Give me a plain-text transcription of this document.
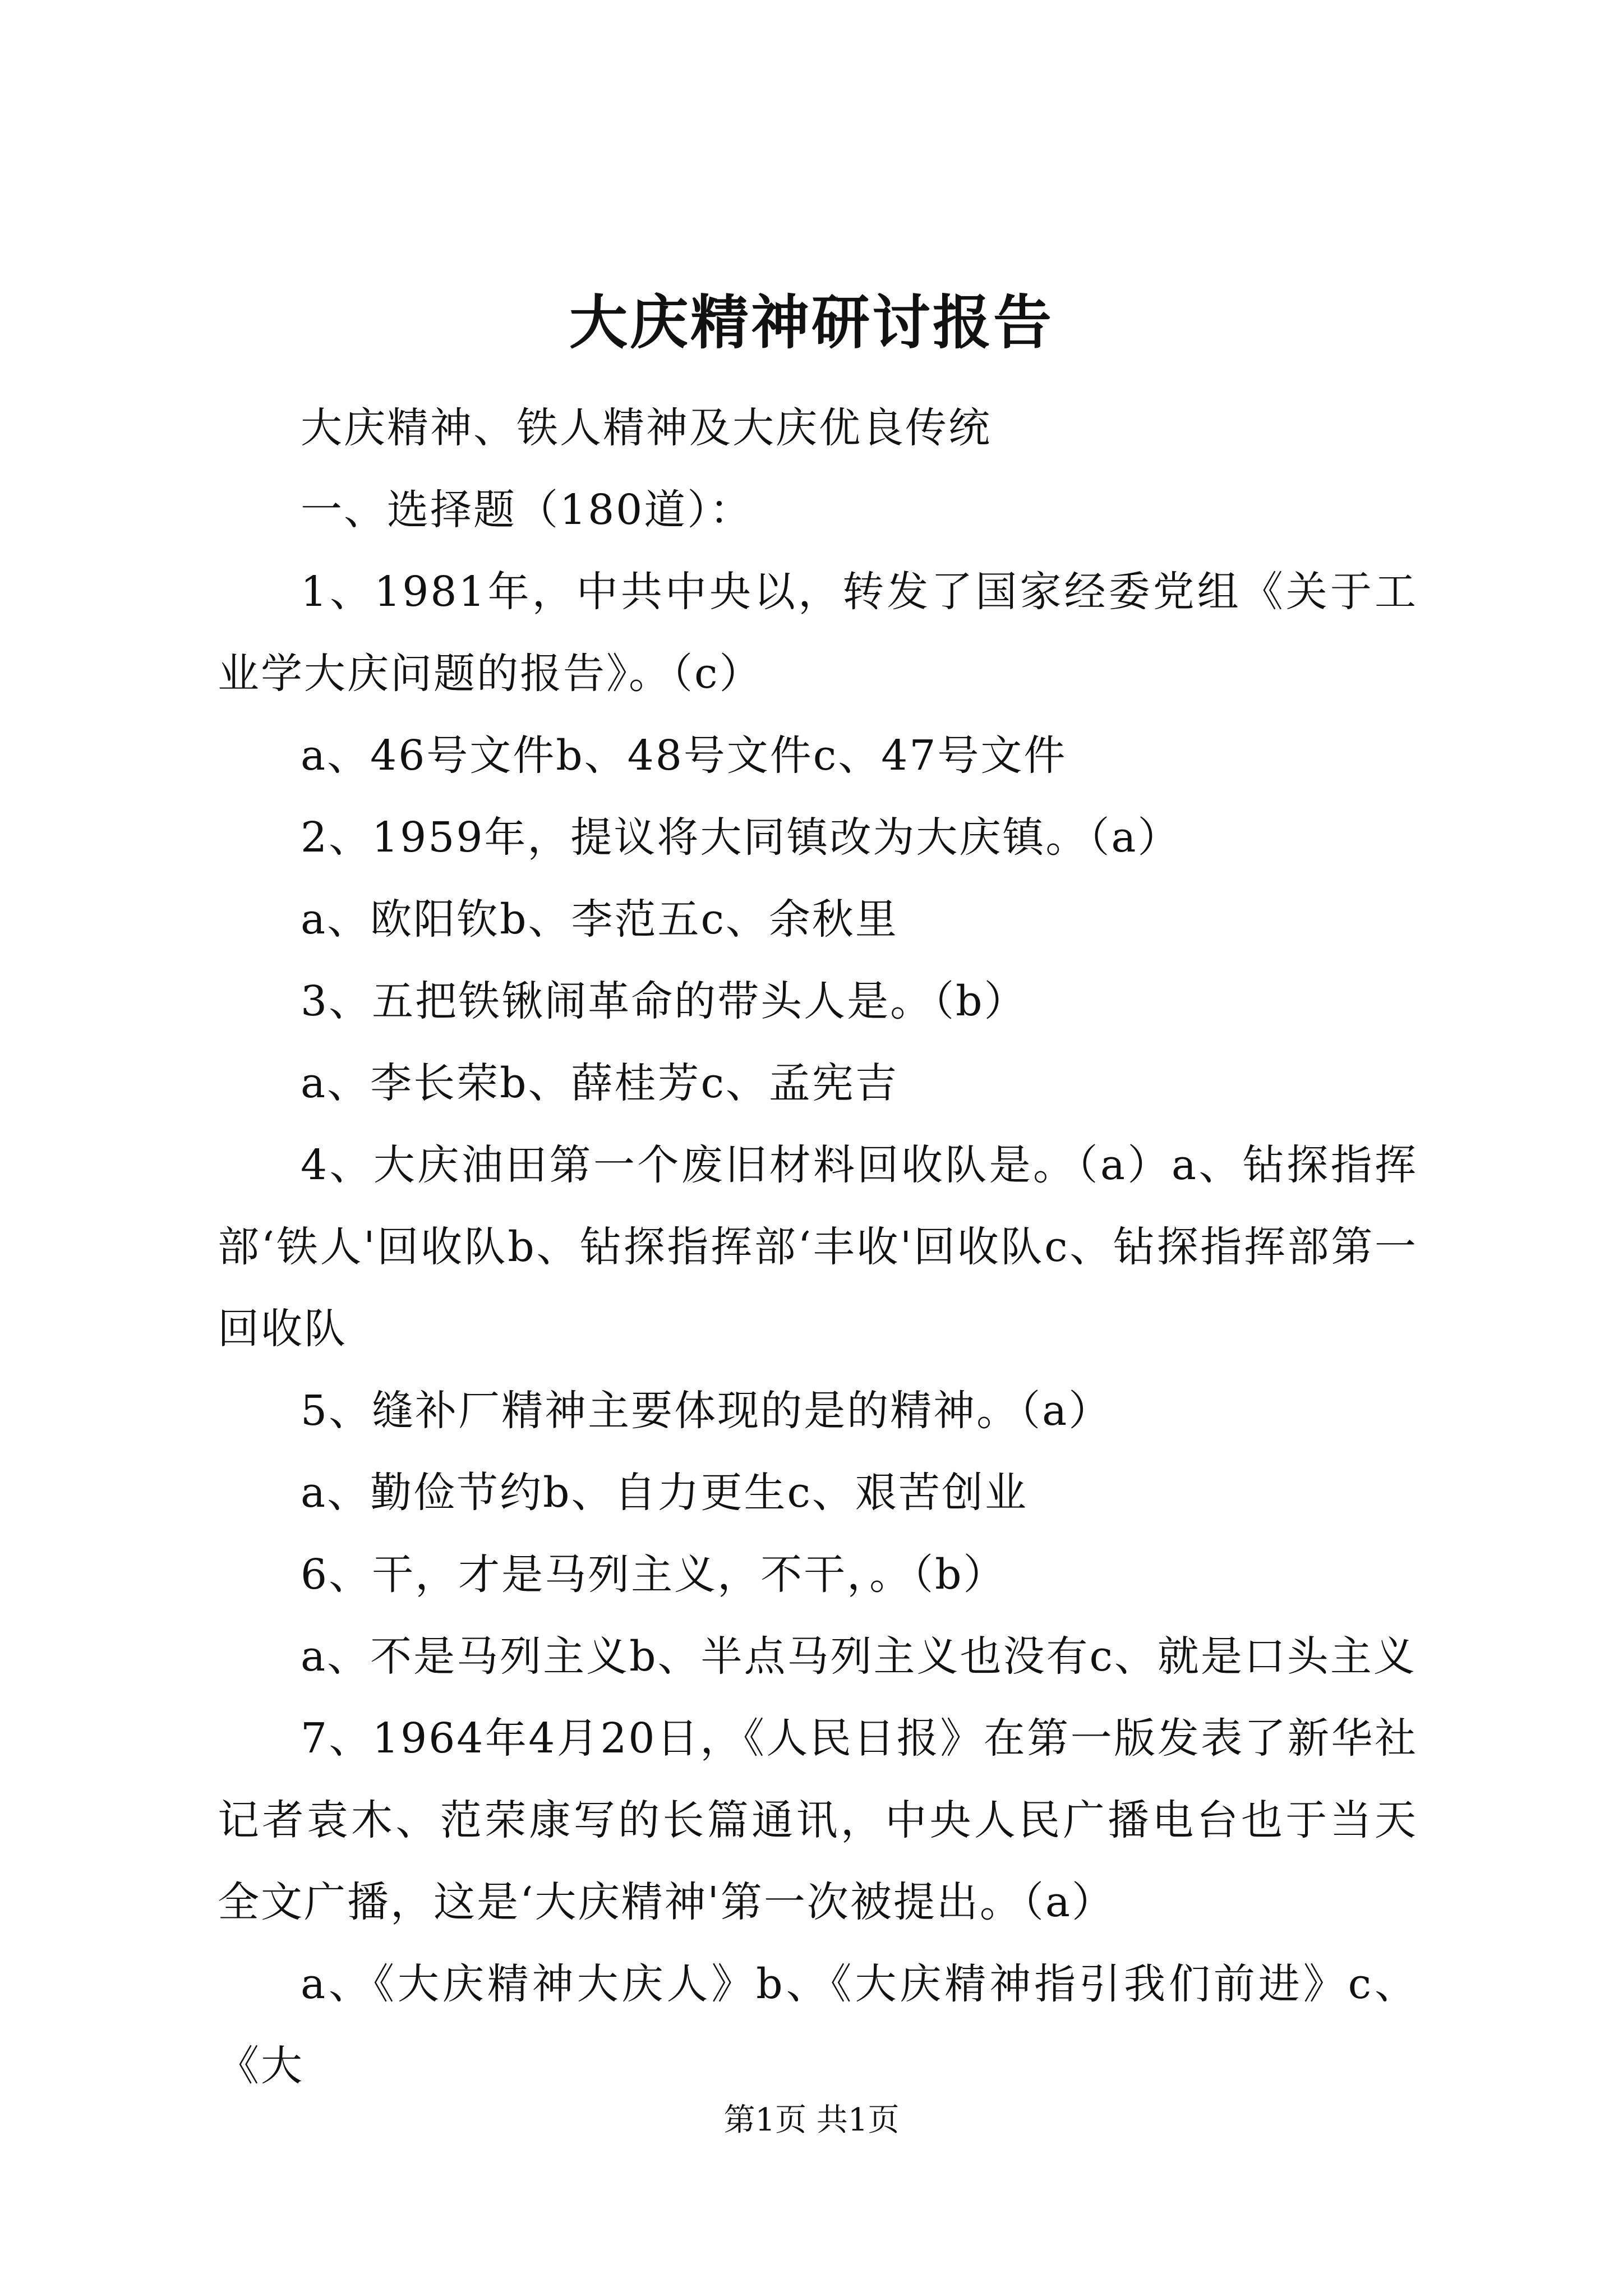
大庆精神研讨报告

大庆精神、铁人精神及大庆优良传统

一、选择题（180道）：

1、1981年，中共中央以，转发了国家经委党组《关于工业学大庆问题的报告》。（c）

a、46号文件b、48号文件c、47号文件

2、1959年，提议将大同镇改为大庆镇。（a）

a、欧阳钦b、李范五c、余秋里

3、五把铁锹闹革命的带头人是。（b）

a、李长荣b、薛桂芳c、孟宪吉

4、大庆油田第一个废旧材料回收队是。（a）a、钻探指挥部‘铁人'回收队b、钻探指挥部‘丰收'回收队c、钻探指挥部第一回收队

5、缝补厂精神主要体现的是的精神。（a）

a、勤俭节约b、自力更生c、艰苦创业

6、干，才是马列主义，不干，。（b）

a、不是马列主义b、半点马列主义也没有c、就是口头主义

7、1964年4月20日，《人民日报》在第一版发表了新华社记者袁木、范荣康写的长篇通讯，中央人民广播电台也于当天全文广播，这是‘大庆精神'第一次被提出。（a）

a、《大庆精神大庆人》b、《大庆精神指引我们前进》c、《大

第1页 共1页
